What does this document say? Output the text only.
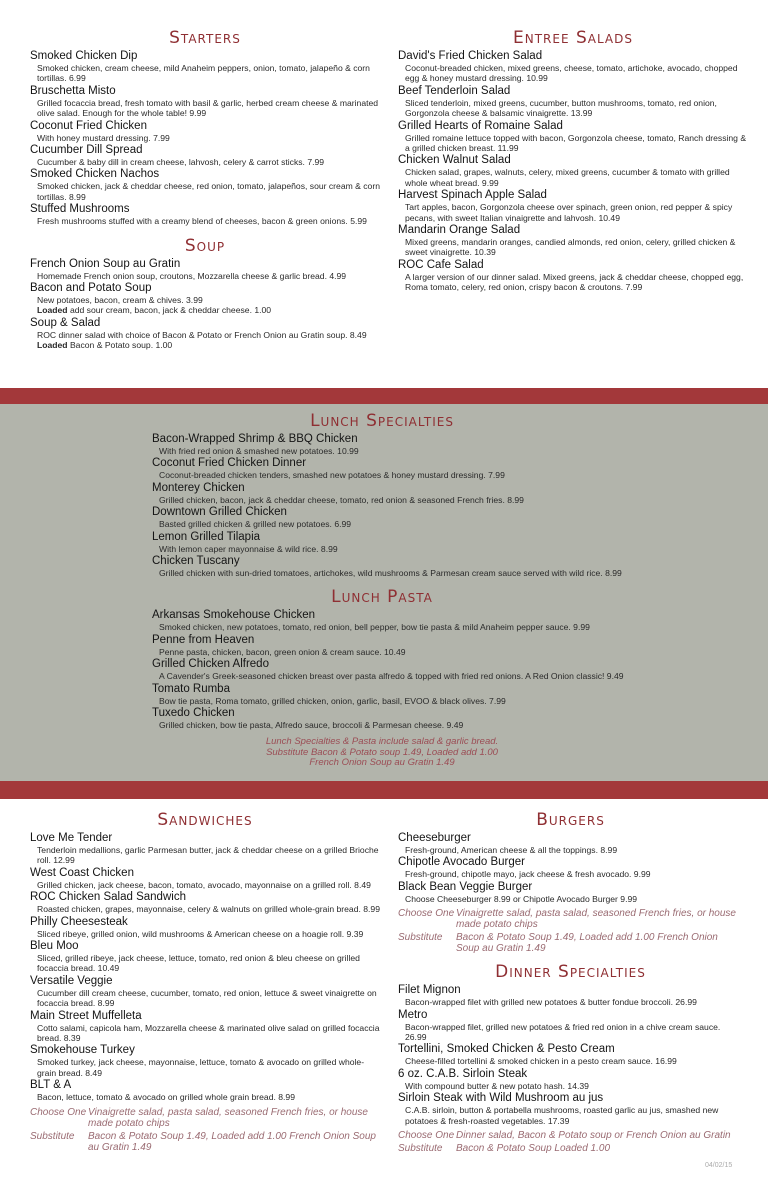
Starters
Smoked Chicken Dip
Smoked chicken, cream cheese, mild Anaheim peppers, onion, tomato, jalapeño & corn tortillas. 6.99
Bruschetta Misto
Grilled focaccia bread, fresh tomato with basil & garlic, herbed cream cheese & marinated olive salad. Enough for the whole table! 9.99
Coconut Fried Chicken
With honey mustard dressing. 7.99
Cucumber Dill Spread
Cucumber & baby dill in cream cheese, lahvosh, celery & carrot sticks. 7.99
Smoked Chicken Nachos
Smoked chicken, jack & cheddar cheese, red onion, tomato, jalapeños, sour cream & corn tortillas. 8.99
Stuffed Mushrooms
Fresh mushrooms stuffed with a creamy blend of cheeses, bacon & green onions. 5.99
Soup
French Onion Soup au Gratin
Homemade French onion soup, croutons, Mozzarella cheese & garlic bread. 4.99
Bacon and Potato Soup
New potatoes, bacon, cream & chives. 3.99
Loaded add sour cream, bacon, jack & cheddar cheese. 1.00
Soup & Salad
ROC dinner salad with choice of Bacon & Potato or French Onion au Gratin soup. 8.49
Loaded Bacon & Potato soup. 1.00
Entree Salads
David's Fried Chicken Salad
Coconut-breaded chicken, mixed greens, cheese, tomato, artichoke, avocado, chopped egg & honey mustard dressing. 10.99
Beef Tenderloin Salad
Sliced tenderloin, mixed greens, cucumber, button mushrooms, tomato, red onion, Gorgonzola cheese & balsamic vinaigrette. 13.99
Grilled Hearts of Romaine Salad
Grilled romaine lettuce topped with bacon, Gorgonzola cheese, tomato, Ranch dressing & a grilled chicken breast. 11.99
Chicken Walnut Salad
Chicken salad, grapes, walnuts, celery, mixed greens, cucumber & tomato with grilled whole wheat bread. 9.99
Harvest Spinach Apple Salad
Tart apples, bacon, Gorgonzola cheese over spinach, green onion, red pepper & spicy pecans, with sweet Italian vinaigrette and lahvosh. 10.49
Mandarin Orange Salad
Mixed greens, mandarin oranges, candied almonds, red onion, celery, grilled chicken & sweet vinaigrette. 10.39
ROC Cafe Salad
A larger version of our dinner salad. Mixed greens, jack & cheddar cheese, chopped egg, Roma tomato, celery, red onion, crispy bacon & croutons. 7.99
Lunch Specialties
Bacon-Wrapped Shrimp & BBQ Chicken
With fried red onion & smashed new potatoes. 10.99
Coconut Fried Chicken Dinner
Coconut-breaded chicken tenders, smashed new potatoes & honey mustard dressing. 7.99
Monterey Chicken
Grilled chicken, bacon, jack & cheddar cheese, tomato, red onion & seasoned French fries. 8.99
Downtown Grilled Chicken
Basted grilled chicken & grilled new potatoes. 6.99
Lemon Grilled Tilapia
With lemon caper mayonnaise & wild rice. 8.99
Chicken Tuscany
Grilled chicken with sun-dried tomatoes, artichokes, wild mushrooms & Parmesan cream sauce served with wild rice. 8.99
Lunch Pasta
Arkansas Smokehouse Chicken
Smoked chicken, new potatoes, tomato, red onion, bell pepper, bow tie pasta & mild Anaheim pepper sauce. 9.99
Penne from Heaven
Penne pasta, chicken, bacon, green onion & cream sauce. 10.49
Grilled Chicken Alfredo
A Cavender's Greek-seasoned chicken breast over pasta alfredo & topped with fried red onions. A Red Onion classic! 9.49
Tomato Rumba
Bow tie pasta, Roma tomato, grilled chicken, onion, garlic, basil, EVOO & black olives. 7.99
Tuxedo Chicken
Grilled chicken, bow tie pasta, Alfredo sauce, broccoli & Parmesan cheese. 9.49
Lunch Specialties & Pasta include salad & garlic bread.
Substitute Bacon & Potato soup 1.49, Loaded add 1.00
French Onion Soup au Gratin 1.49
Sandwiches
Love Me Tender
Tenderloin medallions, garlic Parmesan butter, jack & cheddar cheese on a grilled Brioche roll. 12.99
West Coast Chicken
Grilled chicken, jack cheese, bacon, tomato, avocado, mayonnaise on a grilled roll. 8.49
ROC Chicken Salad Sandwich
Roasted chicken, grapes, mayonnaise, celery & walnuts on grilled whole-grain bread. 8.99
Philly Cheesesteak
Sliced ribeye, grilled onion, wild mushrooms & American cheese on a hoagie roll. 9.39
Bleu Moo
Sliced, grilled ribeye, jack cheese, lettuce, tomato, red onion & bleu cheese on grilled focaccia bread. 10.49
Versatile Veggie
Cucumber dill cream cheese, cucumber, tomato, red onion, lettuce & sweet vinaigrette on focaccia bread. 8.99
Main Street Muffelleta
Cotto salami, capicola ham, Mozzarella cheese & marinated olive salad on grilled focaccia bread. 8.39
Smokehouse Turkey
Smoked turkey, jack cheese, mayonnaise, lettuce, tomato & avocado on grilled whole-grain bread. 8.49
BLT & A
Bacon, lettuce, tomato & avocado on grilled whole grain bread. 8.99
Choose One Vinaigrette salad, pasta salad, seasoned French fries, or house made potato chips
Substitute	Bacon & Potato Soup 1.49, Loaded add 1.00 French Onion Soup au Gratin 1.49
Burgers
Cheeseburger
Fresh-ground, American cheese & all the toppings. 8.99
Chipotle Avocado Burger
Fresh-ground, chipotle mayo, jack cheese & fresh avocado. 9.99
Black Bean Veggie Burger
Choose Cheeseburger 8.99 or Chipotle Avocado Burger 9.99
Choose One Vinaigrette salad, pasta salad, seasoned French fries, or house made potato chips
Substitute	Bacon & Potato Soup 1.49, Loaded add 1.00 French Onion Soup au Gratin 1.49
Dinner Specialties
Filet Mignon
Bacon-wrapped filet with grilled new potatoes & butter fondue broccoli. 26.99
Metro
Bacon-wrapped filet, grilled new potatoes & fried red onion in a chive cream sauce. 26.99
Tortellini, Smoked Chicken & Pesto Cream
Cheese-filled tortellini & smoked chicken in a pesto cream sauce. 16.99
6 oz. C.A.B. Sirloin Steak
With compound butter & new potato hash. 14.39
Sirloin Steak with Wild Mushroom au jus
C.A.B. sirloin, button & portabella mushrooms, roasted garlic au jus, smashed new potatoes & fresh-roasted vegetables. 17.39
Choose One Dinner salad, Bacon & Potato soup or French Onion au Gratin
Substitute	Bacon & Potato Soup Loaded 1.00
04/02/15
